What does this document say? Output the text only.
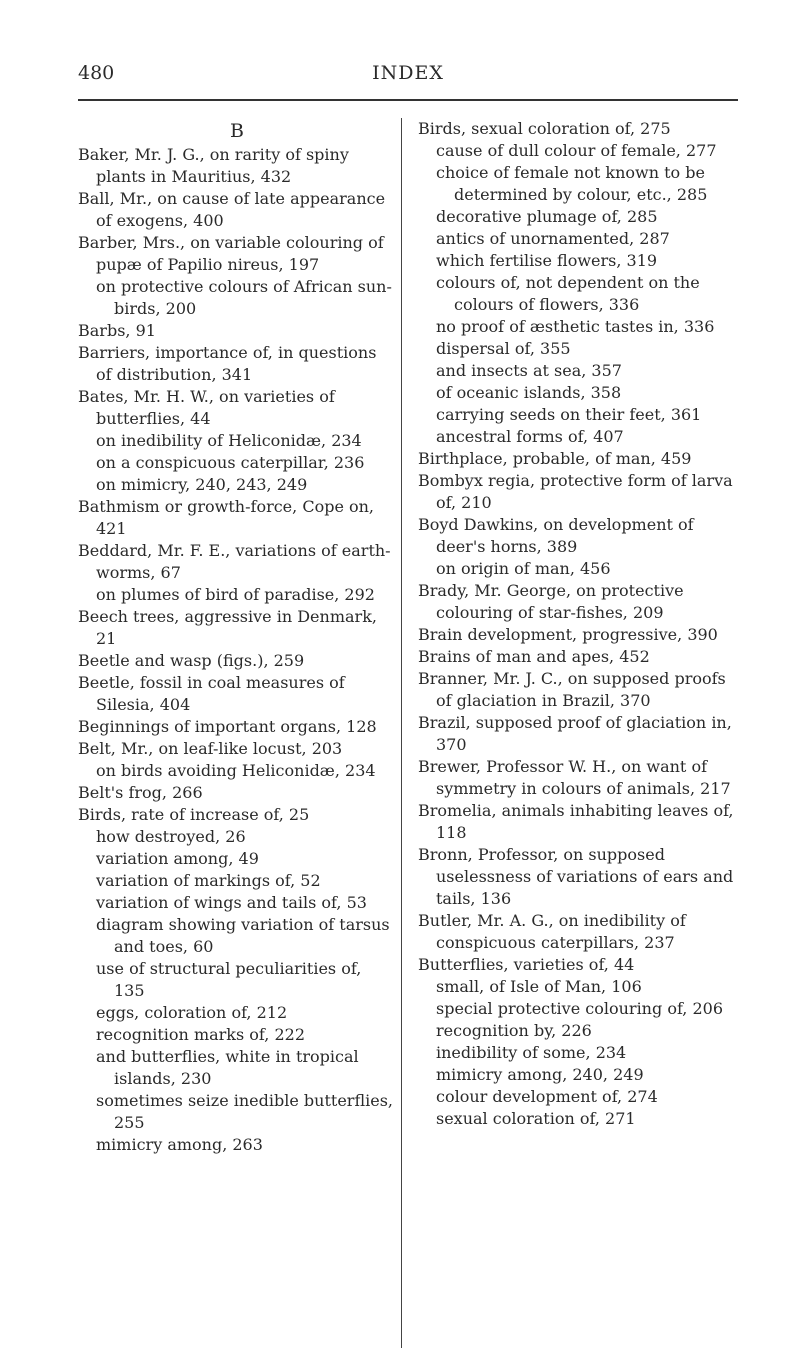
480	INDEX
B
Baker, Mr. J. G., on rarity of spiny plants in Mauritius, 432
Ball, Mr., on cause of late appearance of exogens, 400
Barber, Mrs., on variable colouring of pupæ of Papilio nireus, 197
on protective colours of African sun-birds, 200
Barbs, 91
Barriers, importance of, in questions of distribution, 341
Bates, Mr. H. W., on varieties of butterflies, 44
on inedibility of Heliconidæ, 234
on a conspicuous caterpillar, 236
on mimicry, 240, 243, 249
Bathmism or growth-force, Cope on, 421
Beddard, Mr. F. E., variations of earth-worms, 67
on plumes of bird of paradise, 292
Beech trees, aggressive in Denmark, 21
Beetle and wasp (figs.), 259
Beetle, fossil in coal measures of Silesia, 404
Beginnings of important organs, 128
Belt, Mr., on leaf-like locust, 203
on birds avoiding Heliconidæ, 234
Belt's frog, 266
Birds, rate of increase of, 25
how destroyed, 26
variation among, 49
variation of markings of, 52
variation of wings and tails of, 53
diagram showing variation of tarsus and toes, 60
use of structural peculiarities of, 135
eggs, coloration of, 212
recognition marks of, 222
and butterflies, white in tropical islands, 230
sometimes seize inedible butterflies, 255
mimicry among, 263
Birds, sexual coloration of, 275
cause of dull colour of female, 277
choice of female not known to be determined by colour, etc., 285
decorative plumage of, 285
antics of unornamented, 287
which fertilise flowers, 319
colours of, not dependent on the colours of flowers, 336
no proof of æsthetic tastes in, 336
dispersal of, 355
and insects at sea, 357
of oceanic islands, 358
carrying seeds on their feet, 361
ancestral forms of, 407
Birthplace, probable, of man, 459
Bombyx regia, protective form of larva of, 210
Boyd Dawkins, on development of deer's horns, 389
on origin of man, 456
Brady, Mr. George, on protective colouring of star-fishes, 209
Brain development, progressive, 390
Brains of man and apes, 452
Branner, Mr. J. C., on supposed proofs of glaciation in Brazil, 370
Brazil, supposed proof of glaciation in, 370
Brewer, Professor W. H., on want of symmetry in colours of animals, 217
Bromelia, animals inhabiting leaves of, 118
Bronn, Professor, on supposed uselessness of variations of ears and tails, 136
Butler, Mr. A. G., on inedibility of conspicuous caterpillars, 237
Butterflies, varieties of, 44
small, of Isle of Man, 106
special protective colouring of, 206
recognition by, 226
inedibility of some, 234
mimicry among, 240, 249
colour development of, 274
sexual coloration of, 271
